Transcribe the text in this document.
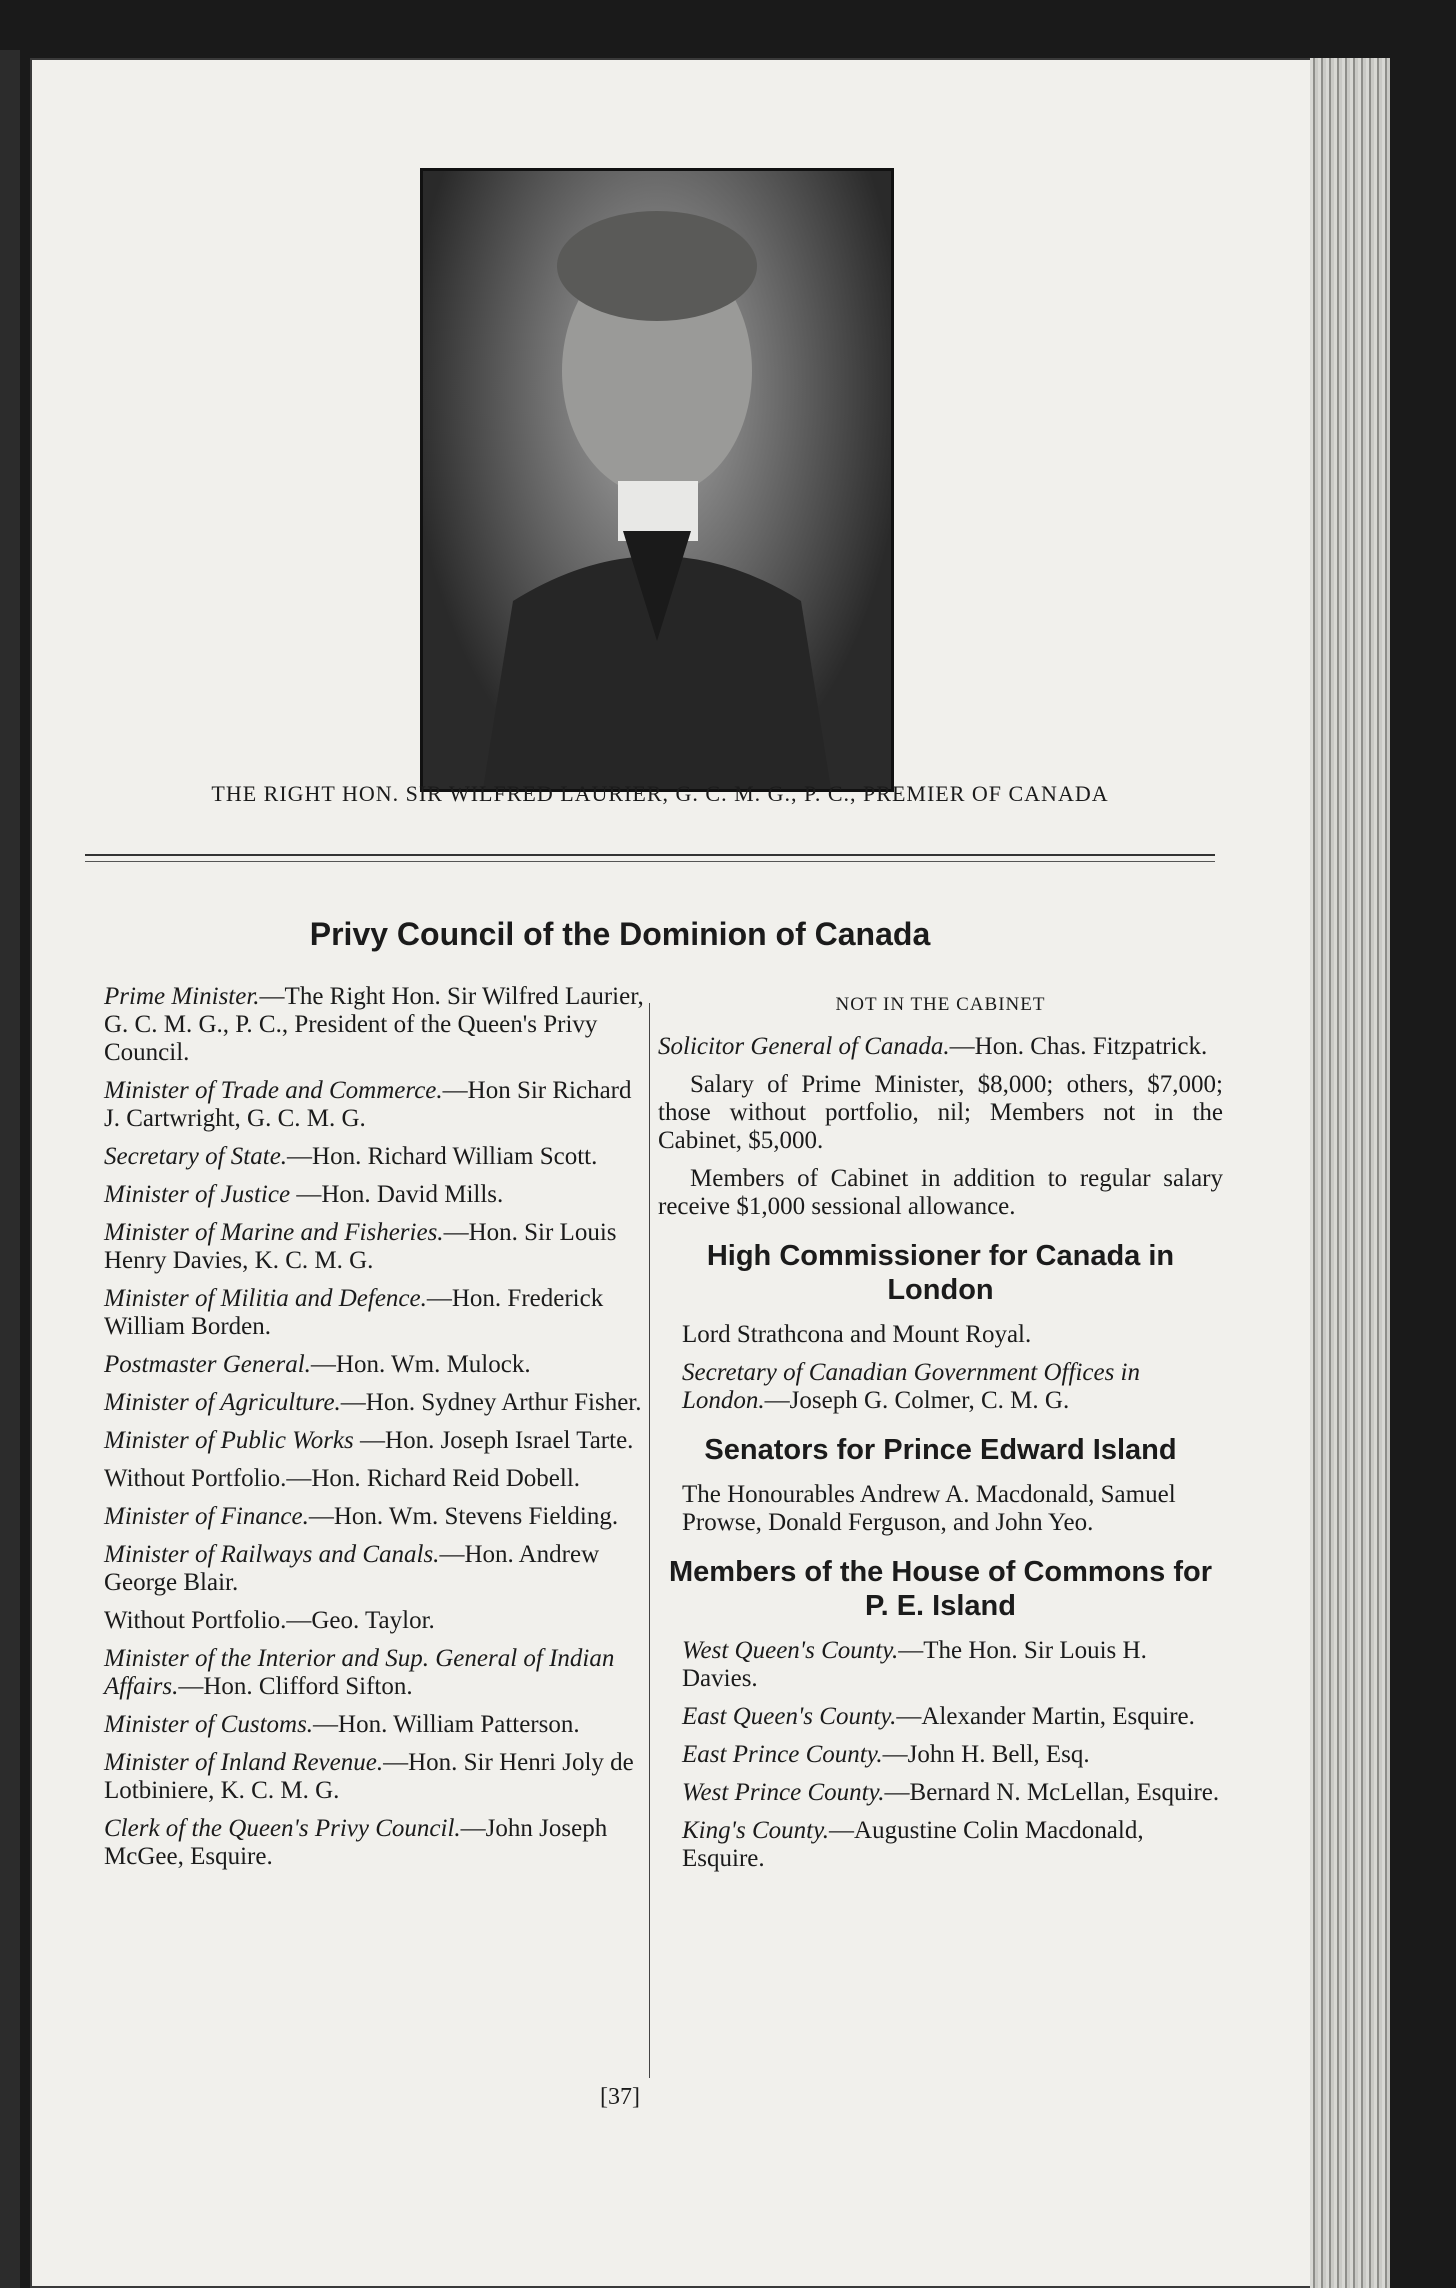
THE RIGHT HON. SIR WILFRED LAURIER, G. C. M. G., P. C., PREMIER OF CANADA
Privy Council of the Dominion of Canada
Prime Minister.—The Right Hon. Sir Wilfred Laurier, G. C. M. G., P. C., President of the Queen's Privy Council.
Minister of Trade and Commerce.—Hon Sir Richard J. Cartwright, G. C. M. G.
Secretary of State.—Hon. Richard William Scott.
Minister of Justice —Hon. David Mills.
Minister of Marine and Fisheries.—Hon. Sir Louis Henry Davies, K. C. M. G.
Minister of Militia and Defence.—Hon. Frederick William Borden.
Postmaster General.—Hon. Wm. Mulock.
Minister of Agriculture.—Hon. Sydney Arthur Fisher.
Minister of Public Works —Hon. Joseph Israel Tarte.
Without Portfolio.—Hon. Richard Reid Dobell.
Minister of Finance.—Hon. Wm. Stevens Fielding.
Minister of Railways and Canals.—Hon. Andrew George Blair.
Without Portfolio.—Geo. Taylor.
Minister of the Interior and Sup. General of Indian Affairs.—Hon. Clifford Sifton.
Minister of Customs.—Hon. William Patterson.
Minister of Inland Revenue.—Hon. Sir Henri Joly de Lotbiniere, K. C. M. G.
Clerk of the Queen's Privy Council.—John Joseph McGee, Esquire.
NOT IN THE CABINET
Solicitor General of Canada.—Hon. Chas. Fitzpatrick.
Salary of Prime Minister, $8,000; others, $7,000; those without portfolio, nil; Members not in the Cabinet, $5,000.
Members of Cabinet in addition to regular salary receive $1,000 sessional allowance.
High Commissioner for Canada in London
Lord Strathcona and Mount Royal.
Secretary of Canadian Government Offices in London.—Joseph G. Colmer, C. M. G.
Senators for Prince Edward Island
The Honourables Andrew A. Macdonald, Samuel Prowse, Donald Ferguson, and John Yeo.
Members of the House of Commons for P. E. Island
West Queen's County.—The Hon. Sir Louis H. Davies.
East Queen's County.—Alexander Martin, Esquire.
East Prince County.—John H. Bell, Esq.
West Prince County.—Bernard N. McLellan, Esquire.
King's County.—Augustine Colin Macdonald, Esquire.
[37]
